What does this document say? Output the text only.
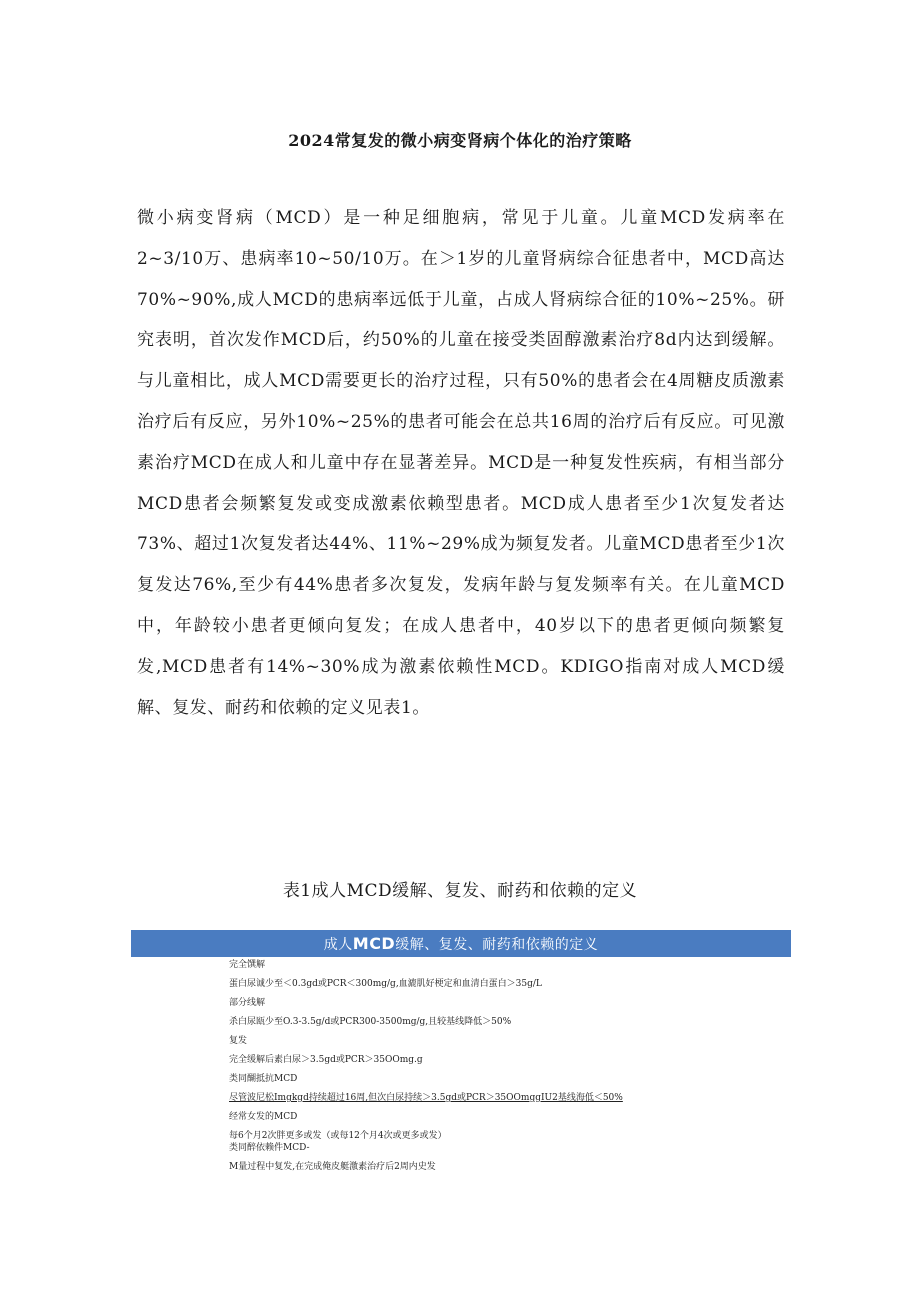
2024常复发的微小病变肾病个体化的治疗策略

微小病变肾病（MCD）是一种足细胞病，常见于儿童。儿童MCD发病率在2~3/10万、患病率10~50/10万。在＞1岁的儿童肾病综合征患者中，MCD高达70%~90%,成人MCD的患病率远低于儿童，占成人肾病综合征的10%~25%。研究表明，首次发作MCD后，约50%的儿童在接受类固醇激素治疗8d内达到缓解。与儿童相比，成人MCD需要更长的治疗过程，只有50%的患者会在4周糖皮质激素治疗后有反应，另外10%~25%的患者可能会在总共16周的治疗后有反应。可见激素治疗MCD在成人和儿童中存在显著差异。MCD是一种复发性疾病，有相当部分MCD患者会频繁复发或变成激素依赖型患者。MCD成人患者至少1次复发者达73%、超过1次复发者达44%、11%~29%成为频复发者。儿童MCD患者至少1次复发达76%,至少有44%患者多次复发，发病年龄与复发频率有关。在儿童MCD中，年龄较小患者更倾向复发；在成人患者中，40岁以下的患者更倾向频繁复发,MCD患者有14%~30%成为激素依赖性MCD。KDIGO指南对成人MCD缓解、复发、耐药和依赖的定义见表1。

表1成人MCD缓解、复发、耐药和依赖的定义

成人MCD缓解、复发、耐药和依赖的定义
完全馔解
蛋白尿诚少至＜0.3gd或PCR＜300mg/g,血漉肌好梗定和血清白蛋白＞35g/L
部分线解
杀白尿瓯少至O.3-3.5g/d或PCR300-3500mg/g,且较基线降低＞50%
复发
完全缓解后素白尿＞3.5gd或PCR＞35OOmg.g
类同醐抵抗MCD
尽管波尼松Imgkgd持续超过16周,但次白尿持续＞3.5gd或PCR＞35OOmggIU2基线海低＜50%
经常女发的MCD
每6个月2次胖更多或发（或每12个月4次或更多或发）
类同醉依赖件MCD-
M量过程中复发,在完成俺皮艇激素治疗后2周内史发
